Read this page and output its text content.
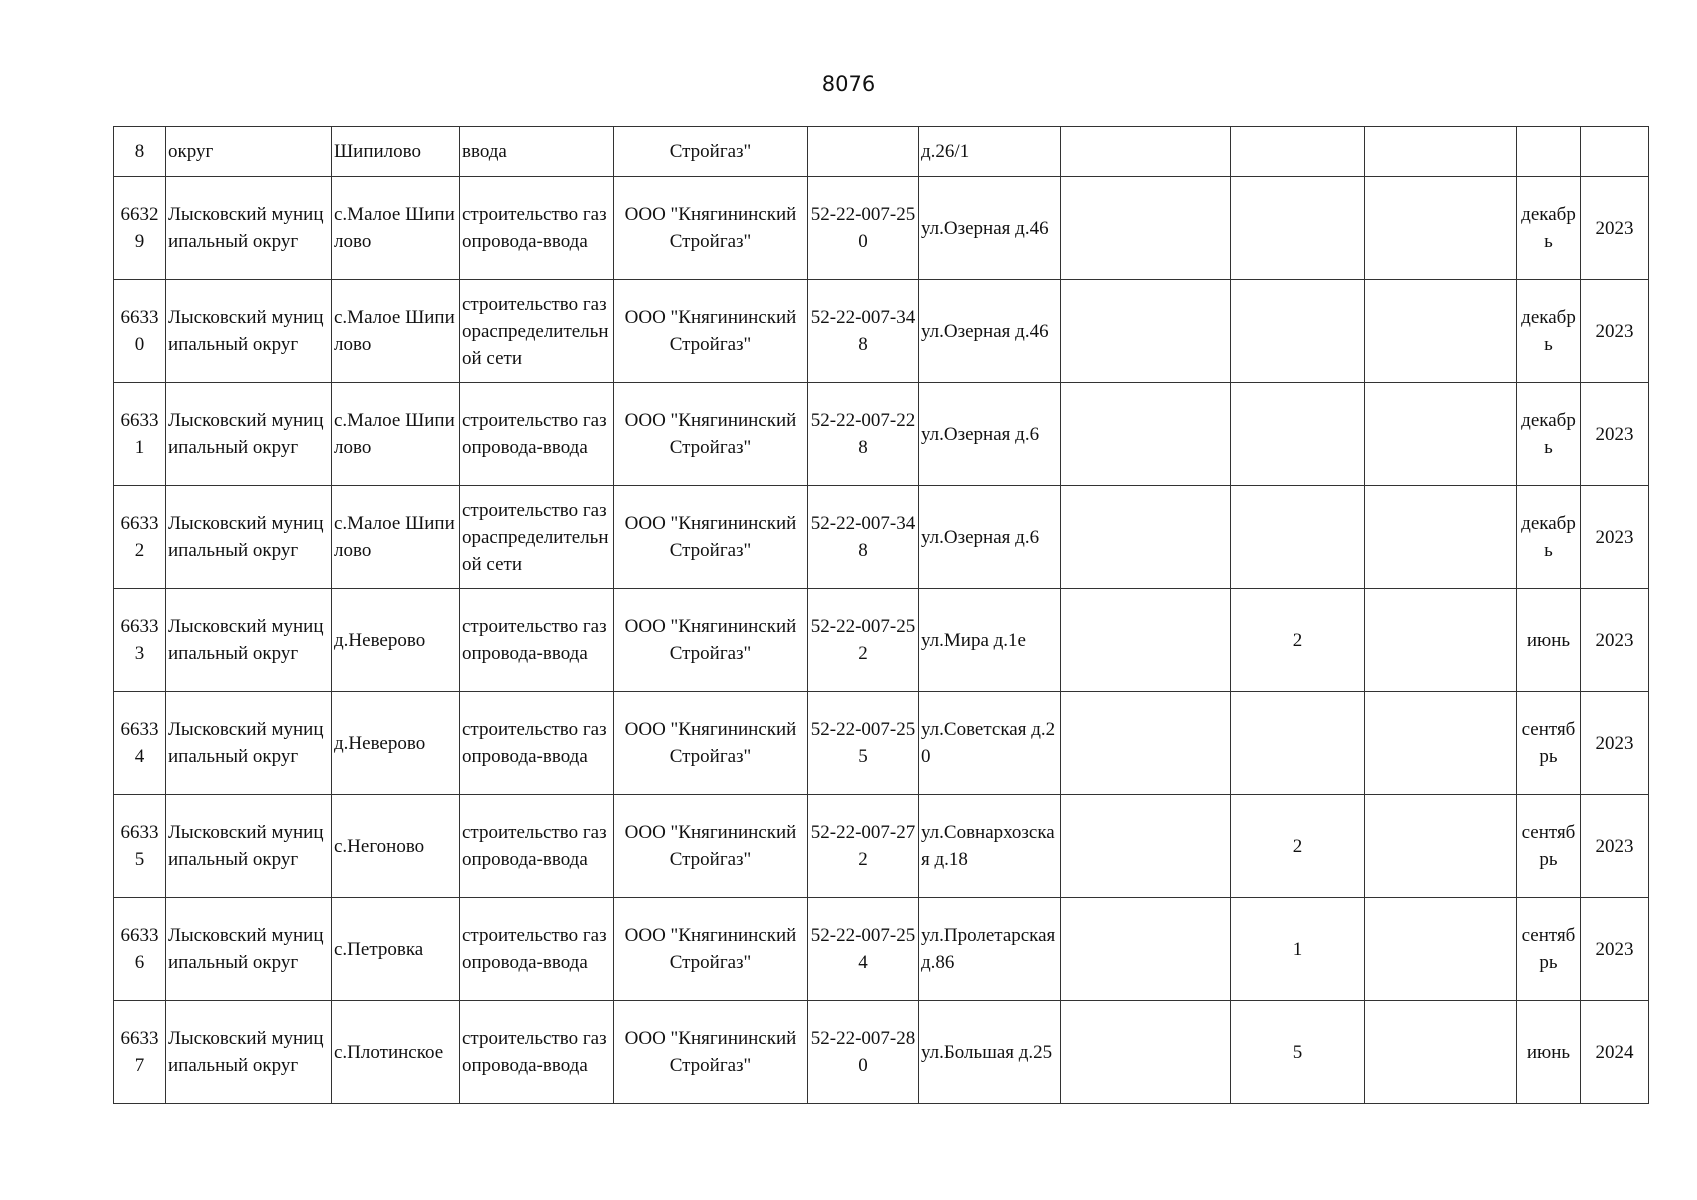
8076
8	округ	Шипилово	ввода	Стройгаз"		д.26/1					
66329	Лысковский муниципальный округ	с.Малое Шипилово	строительство газопровода-ввода	ООО "Княгининский Стройгаз"	52-22-007-250	ул.Озерная д.46				декабрь	2023
66330	Лысковский муниципальный округ	с.Малое Шипилово	строительство газораспределительной сети	ООО "Княгининский Стройгаз"	52-22-007-348	ул.Озерная д.46				декабрь	2023
66331	Лысковский муниципальный округ	с.Малое Шипилово	строительство газопровода-ввода	ООО "Княгининский Стройгаз"	52-22-007-228	ул.Озерная д.6				декабрь	2023
66332	Лысковский муниципальный округ	с.Малое Шипилово	строительство газораспределительной сети	ООО "Княгининский Стройгаз"	52-22-007-348	ул.Озерная д.6				декабрь	2023
66333	Лысковский муниципальный округ	д.Неверово	строительство газопровода-ввода	ООО "Княгининский Стройгаз"	52-22-007-252	ул.Мира д.1е		2		июнь	2023
66334	Лысковский муниципальный округ	д.Неверово	строительство газопровода-ввода	ООО "Княгининский Стройгаз"	52-22-007-255	ул.Советская д.20				сентябрь	2023
66335	Лысковский муниципальный округ	с.Негоново	строительство газопровода-ввода	ООО "Княгининский Стройгаз"	52-22-007-272	ул.Совнархозская д.18		2		сентябрь	2023
66336	Лысковский муниципальный округ	с.Петровка	строительство газопровода-ввода	ООО "Княгининский Стройгаз"	52-22-007-254	ул.Пролетарская д.86		1		сентябрь	2023
66337	Лысковский муниципальный округ	с.Плотинское	строительство газопровода-ввода	ООО "Княгининский Стройгаз"	52-22-007-280	ул.Большая д.25		5		июнь	2024
